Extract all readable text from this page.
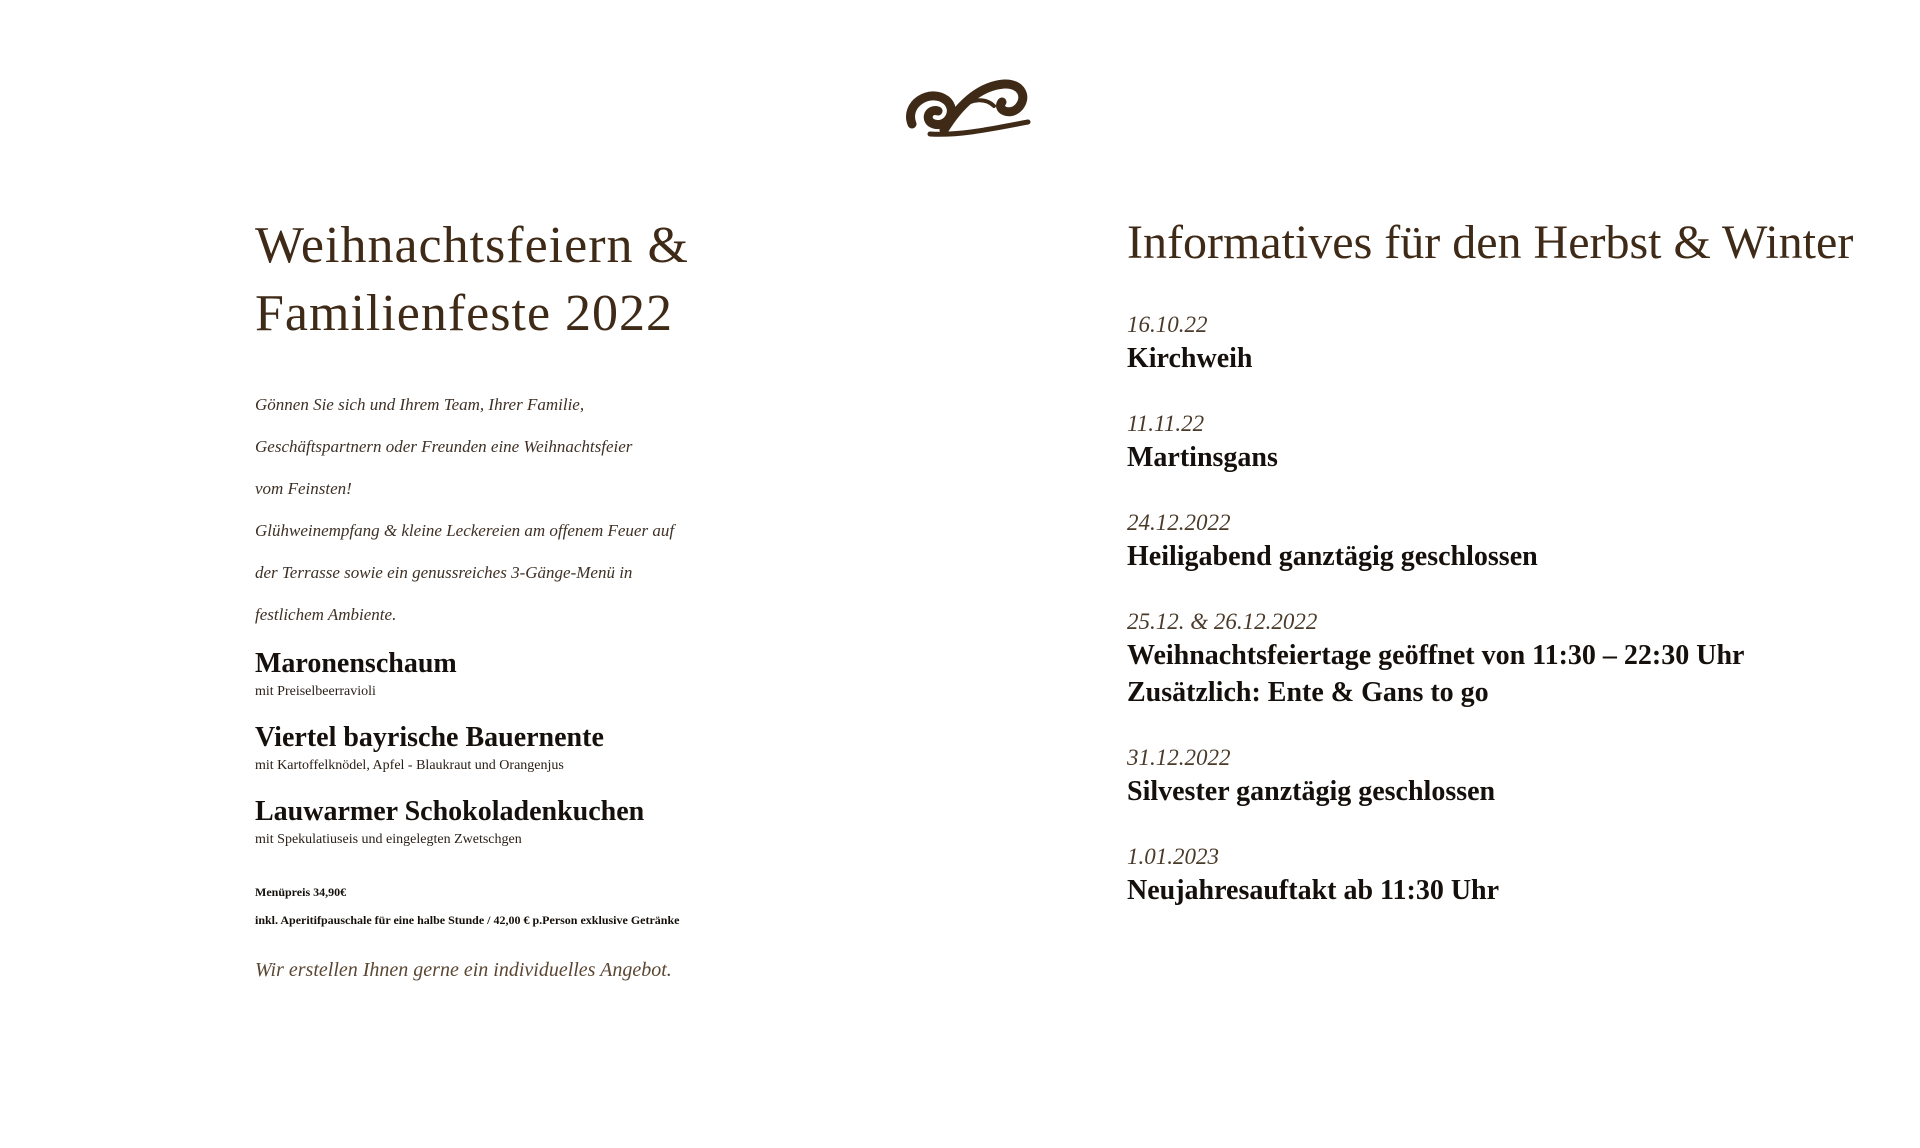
Weihnachtsfeiern &
Familienfeste 2022

Gönnen Sie sich und Ihrem Team, Ihrer Familie,

Geschäftspartnern oder Freunden eine Weihnachtsfeier

vom Feinsten!

Glühweinempfang & kleine Leckereien am offenem Feuer auf

der Terrasse sowie ein genussreiches 3-Gänge-Menü in

festlichem Ambiente.

Maronenschaum
mit Preiselbeerravioli
Viertel bayrische Bauernente
mit Kartoffelknödel, Apfel - Blaukraut und Orangenjus
Lauwarmer Schokoladenkuchen
mit Spekulatiuseis und eingelegten Zwetschgen
Menüpreis 34,90€
inkl. Aperitifpauschale für eine halbe Stunde / 42,00 € p.Person exklusive Getränke
Wir erstellen Ihnen gerne ein individuelles Angebot.
Informatives für den Herbst & Winter
16.10.22
Kirchweih
11.11.22
Martinsgans
24.12.2022
Heiligabend ganztägig geschlossen
25.12. & 26.12.2022
Weihnachtsfeiertage geöffnet von 11:30 – 22:30 Uhr
Zusätzlich: Ente & Gans to go
31.12.2022
Silvester ganztägig geschlossen
1.01.2023
Neujahresauftakt ab 11:30 Uhr
